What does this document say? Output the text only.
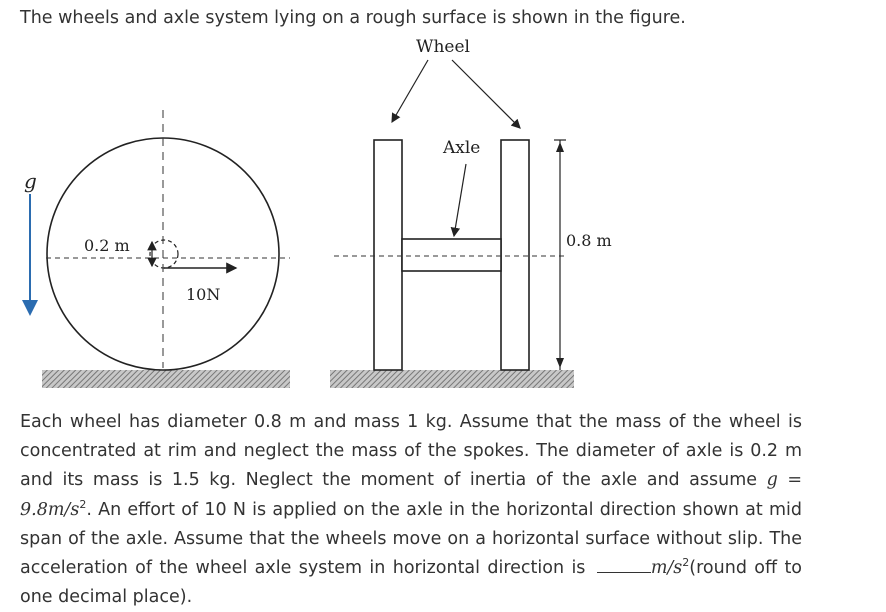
The wheels and axle system lying on a rough surface is shown in the figure.

g
0.2 m
10N
Wheel
Axle
0.8 m

Each wheel has diameter 0.8 m and mass 1 kg. Assume that the mass of the wheel is concentrated at rim and neglect the mass of the spokes. The diameter of axle is 0.2 m and its mass is 1.5 kg. Neglect the moment of inertia of the axle and assume $g = 9.8m/s^2$. An effort of 10 N is applied on the axle in the horizontal direction shown at mid span of the axle. Assume that the wheels move on a horizontal surface without slip. The acceleration of the wheel axle system in horizontal direction is	$m/s^2(round$ off to one decimal place).
